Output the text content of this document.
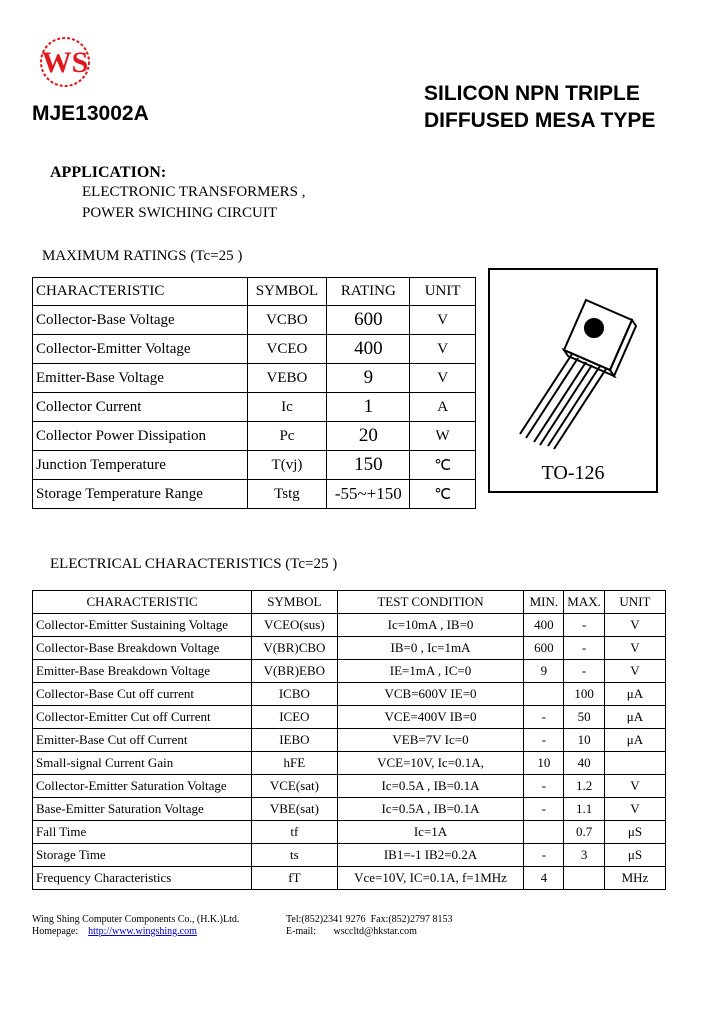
WS
MJE13002A
SILICON NPN TRIPLE
DIFFUSED MESA TYPE
APPLICATION:
ELECTRONIC TRANSFORMERS ,
POWER SWICHING CIRCUIT
MAXIMUM RATINGS (Tc=25 )
CHARACTERISTIC	SYMBOL	RATING	UNIT
Collector-Base Voltage	VCBO	600	V
Collector-Emitter Voltage	VCEO	400	V
Emitter-Base Voltage	VEBO	9	V
Collector Current	Ic	1	A
Collector Power Dissipation	Pc	20	W
Junction Temperature	T(vj)	150	℃
Storage Temperature Range	Tstg	-55~+150	℃
TO-126
ELECTRICAL CHARACTERISTICS (Tc=25 )
CHARACTERISTIC	SYMBOL	TEST CONDITION	MIN.	MAX.	UNIT
Collector-Emitter Sustaining Voltage	VCEO(sus)	Ic=10mA , IB=0	400	-	V
Collector-Base Breakdown Voltage	V(BR)CBO	IB=0 , Ic=1mA	600	-	V
Emitter-Base Breakdown Voltage	V(BR)EBO	IE=1mA , IC=0	9	-	V
Collector-Base Cut off current	ICBO	VCB=600V IE=0		100	μA
Collector-Emitter Cut off Current	ICEO	VCE=400V IB=0	-	50	μA
Emitter-Base Cut off Current	IEBO	VEB=7V Ic=0	-	10	μA
Small-signal Current Gain	hFE	VCE=10V, Ic=0.1A,	10	40	
Collector-Emitter Saturation Voltage	VCE(sat)	Ic=0.5A , IB=0.1A	-	1.2	V
Base-Emitter Saturation Voltage	VBE(sat)	Ic=0.5A , IB=0.1A	-	1.1	V
Fall Time	tf	Ic=1A		0.7	μS
Storage Time	ts	IB1=-1 IB2=0.2A	-	3	μS
Frequency Characteristics	fT	Vce=10V, IC=0.1A, f=1MHz	4		MHz
Wing Shing Computer Components Co., (H.K.)Ltd.
Homepage: http://www.wingshing.com
Tel:(852)2341 9276 Fax:(852)2797 8153
E-mail: wsccltd@hkstar.com
